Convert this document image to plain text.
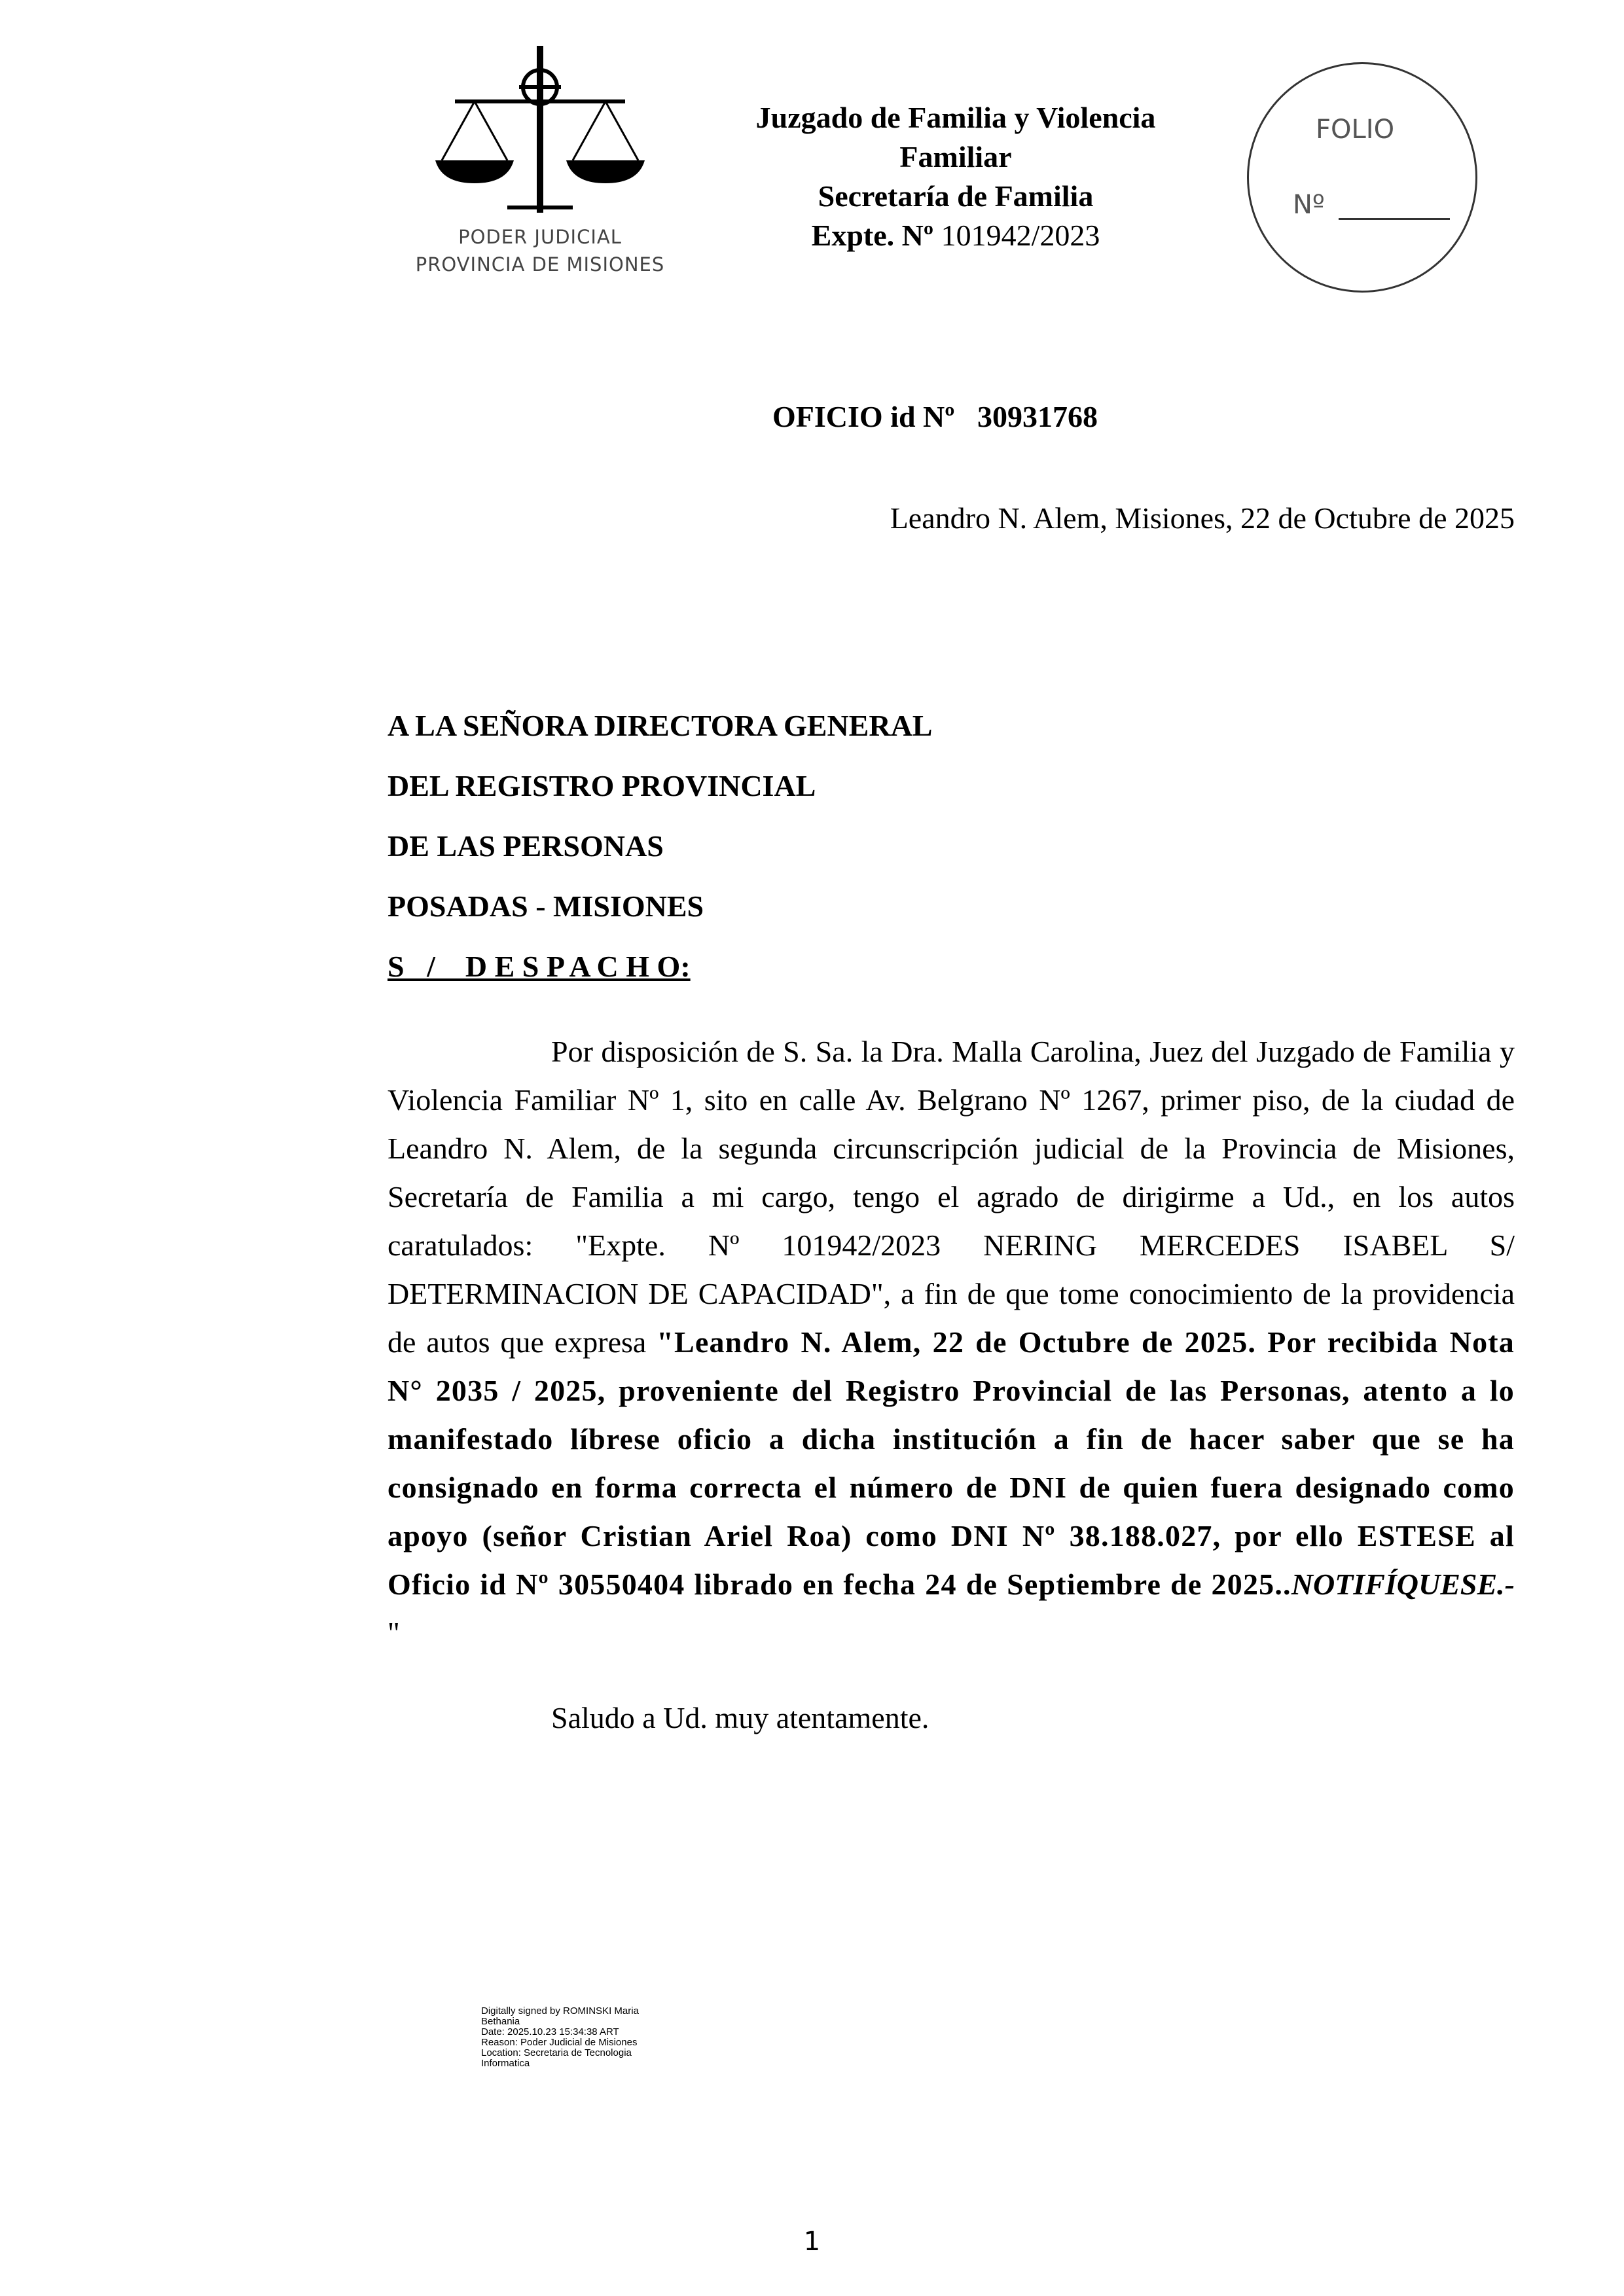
PODER JUDICIAL
PROVINCIA DE MISIONES
Juzgado de Familia y Violencia
Familiar
Secretaría de Familia
Expte. Nº 101942/2023
FOLIO
Nº
OFICIO id Nº 30931768
Leandro N. Alem, Misiones, 22 de Octubre de 2025
A LA SEÑORA DIRECTORA GENERAL
DEL REGISTRO PROVINCIAL
DE LAS PERSONAS
POSADAS - MISIONES
S   /    D E S P A C H O:
Por disposición de S. Sa. la Dra. Malla Carolina, Juez del Juzgado de Familia y Violencia Familiar Nº 1, sito en calle Av. Belgrano Nº 1267, primer piso, de la ciudad de Leandro N. Alem, de la segunda circunscripción judicial de la Provincia de Misiones, Secretaría de Familia a mi cargo, tengo el agrado de dirigirme a Ud., en los autos caratulados: "Expte. Nº 101942/2023 NERING MERCEDES ISABEL S/ DETERMINACION DE CAPACIDAD", a fin de que tome conocimiento de la providencia de autos que expresa "Leandro N. Alem, 22 de Octubre de 2025. Por recibida Nota N° 2035 / 2025, proveniente del Registro Provincial de las Personas, atento a lo manifestado líbrese oficio a dicha institución a fin de hacer saber que se ha consignado en forma correcta el número de DNI de quien fuera designado como apoyo (señor Cristian Ariel Roa) como DNI Nº 38.188.027, por ello ESTESE al Oficio id Nº 30550404 librado en fecha 24 de Septiembre de 2025..NOTIFÍQUESE.-"
Saludo a Ud. muy atentamente.
Digitally signed by ROMINSKI Maria
Bethania
Date: 2025.10.23 15:34:38 ART
Reason: Poder Judicial de Misiones
Location: Secretaria de Tecnologia
Informatica
1
